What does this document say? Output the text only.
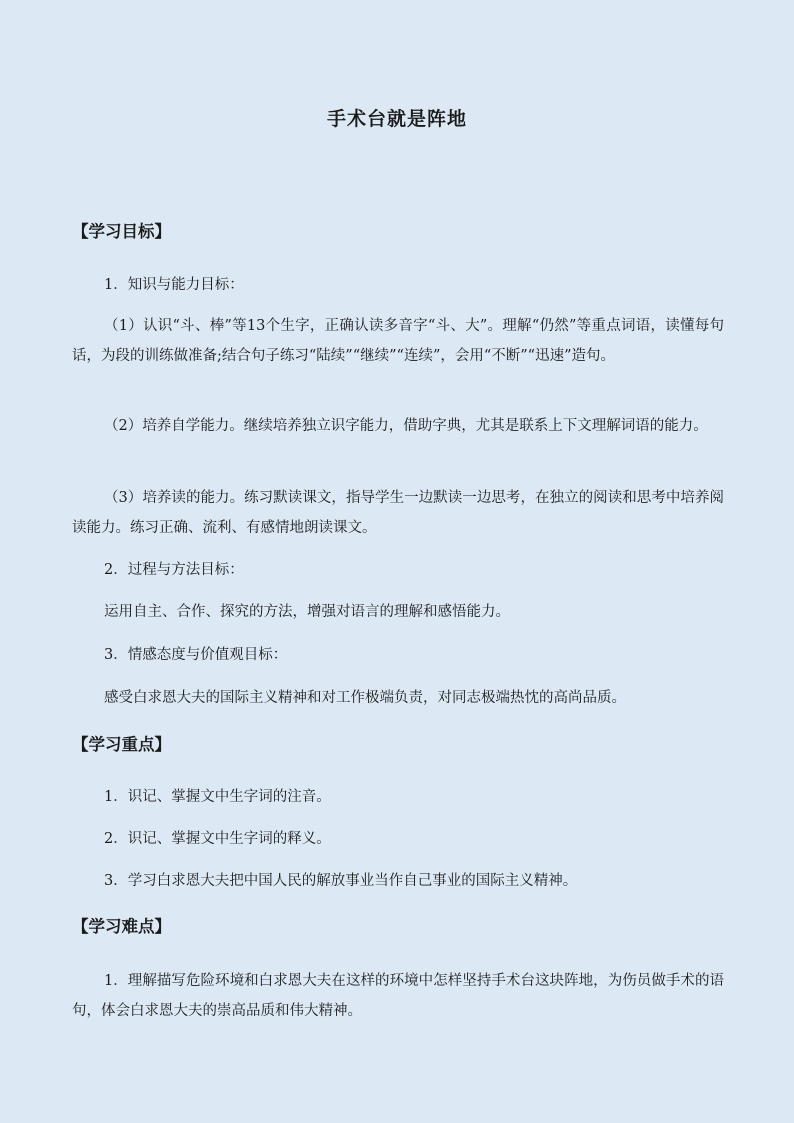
手术台就是阵地
【学习目标】
1．知识与能力目标：
（1）认识“斗、棒”等13个生字，正确认读多音字“斗、大”。理解“仍然”等重点词语，读懂每句话，为段的训练做准备;结合句子练习“陆续”“继续”“连续”，会用“不断”“迅速”造句。
（2）培养自学能力。继续培养独立识字能力，借助字典，尤其是联系上下文理解词语的能力。
（3）培养读的能力。练习默读课文，指导学生一边默读一边思考，在独立的阅读和思考中培养阅读能力。练习正确、流利、有感情地朗读课文。
2．过程与方法目标：
运用自主、合作、探究的方法，增强对语言的理解和感悟能力。
3．情感态度与价值观目标：
感受白求恩大夫的国际主义精神和对工作极端负责，对同志极端热忱的高尚品质。
【学习重点】
1．识记、掌握文中生字词的注音。
2．识记、掌握文中生字词的释义。
3．学习白求恩大夫把中国人民的解放事业当作自己事业的国际主义精神。
【学习难点】
1．理解描写危险环境和白求恩大夫在这样的环境中怎样坚持手术台这块阵地，为伤员做手术的语句，体会白求恩大夫的崇高品质和伟大精神。
